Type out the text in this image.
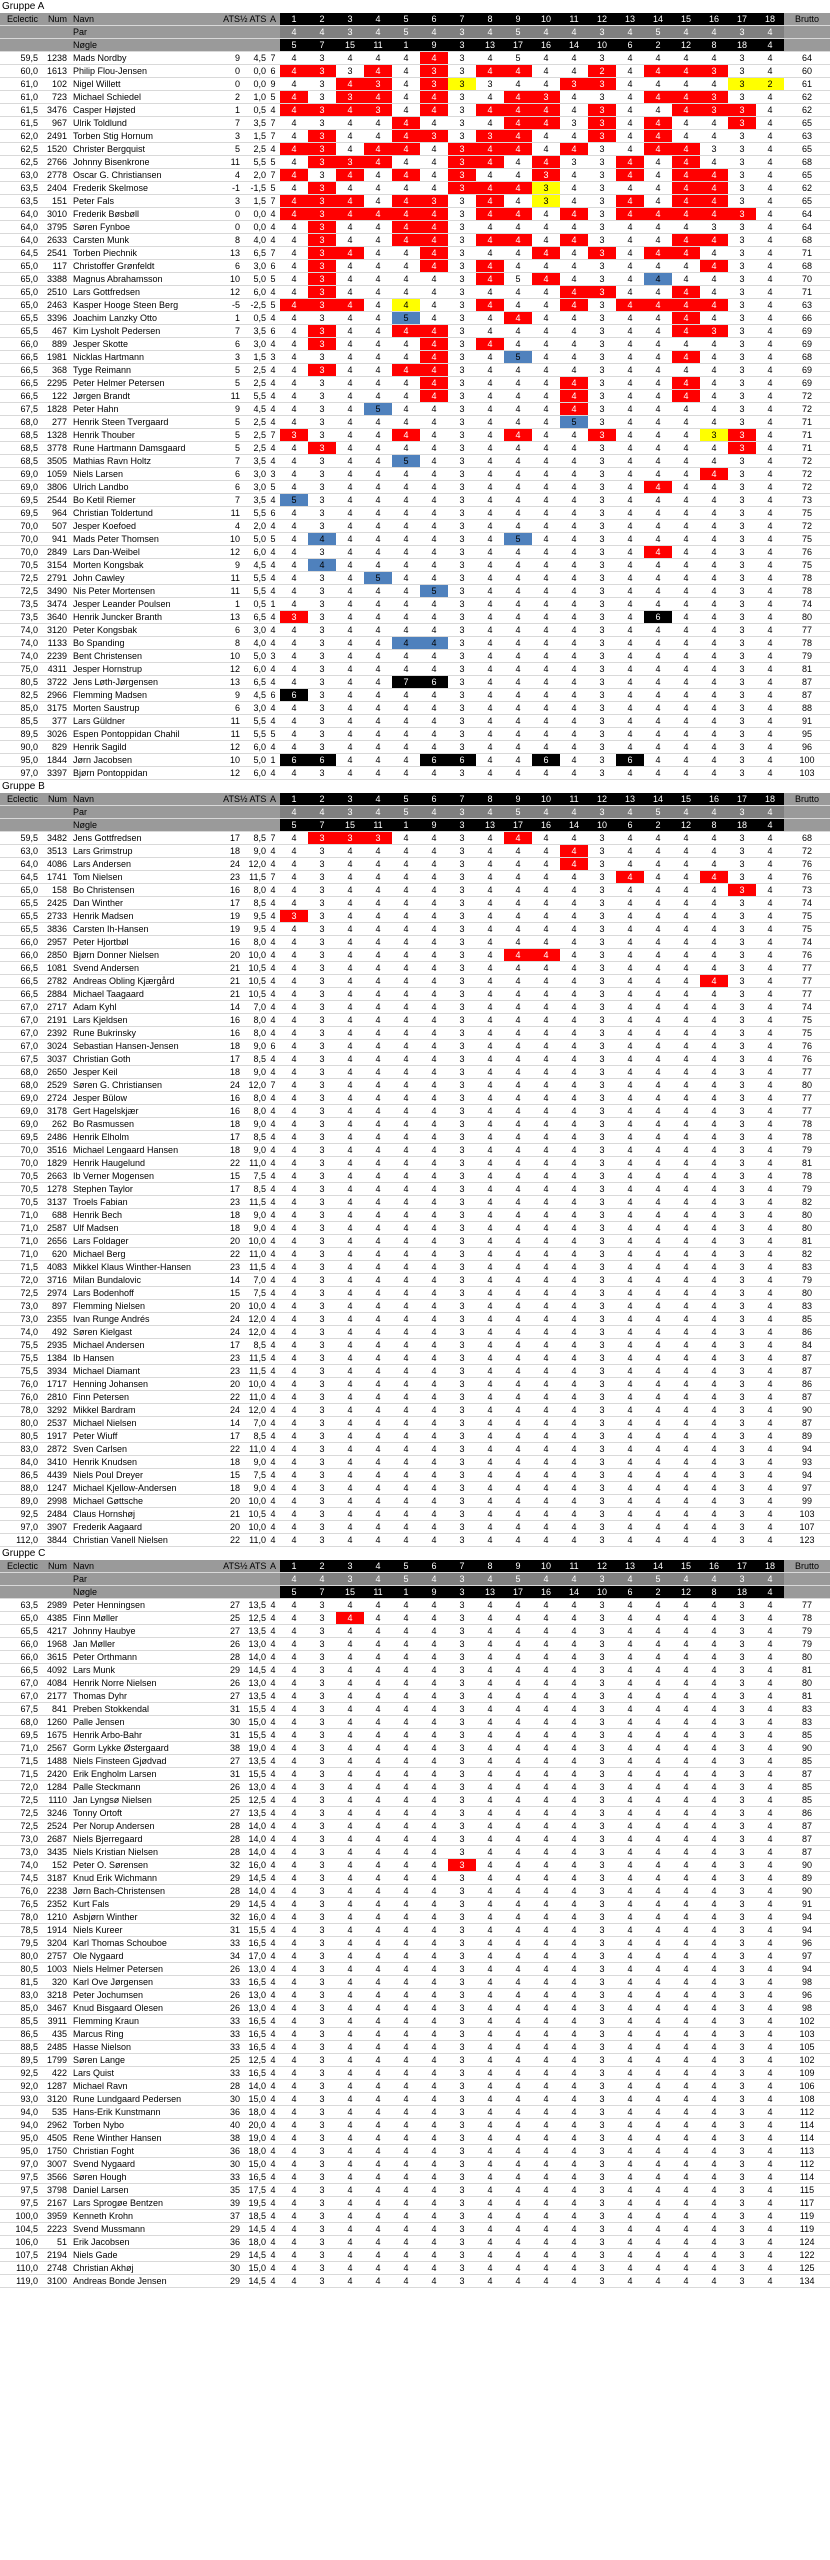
Gruppe A
Eclectic	Num	Navn	ATS	½ ATS	A	1	2	3	4	5	6	7	8	9	10	11	12	13	14	15	16	17	18	Brutto
		Par				4	4	3	4	5	4	3	4	5	4	4	3	4	5	4	4	3	4	
		Nøgle				5	7	15	11	1	9	3	13	17	16	14	10	6	2	12	8	18	4	
59,5	1238	Mads Nordby	9	4,5	7	4	3	4	4	4	4	3	4	5	4	4	3	4	4	4	4	3	4	64
60,0	1613	Philip Flou-Jensen	0	0,0	6	4	3	3	4	4	3	3	4	4	4	4	2	4	4	4	3	3	4	60
61,0	102	Nigel Willett	0	0,0	9	4	3	4	3	4	3	3	3	4	4	3	3	4	4	4	4	3	2	61
61,0	723	Michael Schiedel	2	1,0	5	4	3	3	4	4	4	3	4	4	3	4	3	4	4	4	3	3	4	62
61,5	3476	Casper Højsted	1	0,5	4	4	3	4	3	4	4	3	4	4	4	4	3	4	4	4	3	3	4	62
61,5	967	Ulrik Toldlund	7	3,5	7	4	3	4	4	4	4	3	4	4	4	3	3	4	4	4	4	3	4	65
62,0	2491	Torben Stig Hornum	3	1,5	7	4	3	4	4	4	3	3	3	4	4	4	3	4	4	4	4	3	4	63
62,5	1520	Christer Bergquist	5	2,5	4	4	3	4	4	4	4	3	4	4	4	4	3	4	4	4	3	3	4	65
62,5	2766	Johnny Bisenkrone	11	5,5	5	4	3	3	4	4	4	3	4	4	4	3	3	4	4	4	4	3	4	68
63,0	2778	Oscar G. Christiansen	4	2,0	7	4	3	4	4	4	4	3	4	4	3	4	3	4	4	4	4	3	4	65
63,5	2404	Frederik Skelmose	-1	-1,5	5	4	3	4	4	4	4	3	4	4	3	4	3	4	4	4	4	3	4	62
63,5	151	Peter Fals	3	1,5	7	4	3	4	4	4	3	3	4	4	3	4	3	4	4	4	4	3	4	65
64,0	3010	Frederik Bøsbøll	0	0,0	4	4	3	4	4	4	4	3	4	4	4	4	3	4	4	4	4	3	4	64
64,0	3795	Søren Fynboe	0	0,0	4	4	3	4	4	4	4	3	4	4	4	4	3	4	4	4	3	3	4	64
64,0	2633	Carsten Munk	8	4,0	4	4	3	4	4	4	4	3	4	4	4	4	3	4	4	4	4	3	4	68
64,5	2541	Torben Piechnik	13	6,5	7	4	3	4	4	4	4	3	4	4	4	4	3	4	4	4	4	3	4	71
65,0	117	Christoffer Grønfeldt	6	3,0	6	4	3	4	4	4	4	3	4	4	4	4	3	4	4	4	4	3	4	68
65,0	3388	Magnus Abrahamsson	10	5,0	5	4	3	4	4	4	4	3	4	5	4	4	3	4	4	4	4	3	4	70
65,0	2510	Lars Gottfredsen	12	6,0	4	4	3	4	4	4	4	3	4	4	4	4	3	4	4	4	4	3	4	71
65,0	2463	Kasper Hooge Steen Berg	-5	-2,5	5	4	3	4	4	4	4	3	4	4	4	4	3	4	4	4	4	3	4	63
65,5	3396	Joachim Lanzky Otto	1	0,5	4	4	3	4	4	5	4	3	4	4	4	4	3	4	4	4	4	3	4	66
65,5	467	Kim Lysholt Pedersen	7	3,5	6	4	3	4	4	4	4	3	4	4	4	4	3	4	4	4	3	3	4	69
66,0	889	Jesper Skotte	6	3,0	4	4	3	4	4	4	4	3	4	4	4	4	3	4	4	4	4	3	4	69
66,5	1981	Nicklas Hartmann	3	1,5	3	4	3	4	4	4	4	3	4	5	4	4	3	4	4	4	4	3	4	68
66,5	368	Tyge Reimann	5	2,5	4	4	3	4	4	4	4	3	4	4	4	4	3	4	4	4	4	3	4	69
66,5	2295	Peter Helmer Petersen	5	2,5	4	4	3	4	4	4	4	3	4	4	4	4	3	4	4	4	4	3	4	69
66,5	122	Jørgen Brandt	11	5,5	4	4	3	4	4	4	4	3	4	4	4	4	3	4	4	4	4	3	4	72
67,5	1828	Peter Hahn	9	4,5	4	4	3	4	5	4	4	3	4	4	4	4	3	4	4	4	4	3	4	72
68,0	277	Henrik Steen Tvergaard	5	2,5	4	4	3	4	4	4	4	3	4	4	4	5	3	4	4	4	4	3	4	71
68,5	1328	Henrik Thouber	5	2,5	7	3	3	4	4	4	4	3	4	4	4	4	3	4	4	4	3	3	4	71
68,5	3778	Rune Hartmann Damsgaard	5	2,5	4	4	3	4	4	4	4	3	4	4	4	4	3	4	4	4	4	3	4	71
68,5	3505	Mathias Ravn Holtz	7	3,5	4	4	3	4	4	5	4	3	4	4	4	4	3	4	4	4	4	3	4	72
69,0	1059	Niels Larsen	6	3,0	3	4	3	4	4	4	4	3	4	4	4	4	3	4	4	4	4	3	4	72
69,0	3806	Ulrich Landbo	6	3,0	5	4	3	4	4	4	4	3	4	4	4	4	3	4	4	4	4	3	4	72
69,5	2544	Bo Ketil Riemer	7	3,5	4	5	3	4	4	4	4	3	4	4	4	4	3	4	4	4	4	3	4	73
69,5	964	Christian Toldertund	11	5,5	6	4	3	4	4	4	4	3	4	4	4	4	3	4	4	4	4	3	4	75
70,0	507	Jesper Koefoed	4	2,0	4	4	3	4	4	4	4	3	4	4	4	4	3	4	4	4	4	3	4	72
70,0	941	Mads Peter Thomsen	10	5,0	5	4	4	4	4	4	4	3	4	5	4	4	3	4	4	4	4	3	4	75
70,0	2849	Lars Dan-Weibel	12	6,0	4	4	3	4	4	4	4	3	4	4	4	4	3	4	4	4	4	3	4	76
70,5	3154	Morten Kongsbak	9	4,5	4	4	4	4	4	4	4	3	4	4	4	4	3	4	4	4	4	3	4	75
72,5	2791	John Cawley	11	5,5	4	4	3	4	5	4	4	3	4	4	4	4	3	4	4	4	4	3	4	78
72,5	3490	Nis Peter Mortensen	11	5,5	4	4	3	4	4	4	5	3	4	4	4	4	3	4	4	4	4	3	4	78
73,5	3474	Jesper Leander Poulsen	1	0,5	1	4	3	4	4	4	4	3	4	4	4	4	3	4	4	4	4	3	4	74
73,5	3640	Henrik Juncker Branth	13	6,5	4	3	3	4	4	4	4	3	4	4	4	4	3	4	6	4	4	3	4	80
74,0	3120	Peter Kongsbak	6	3,0	4	4	3	4	4	4	4	3	4	4	4	4	3	4	4	4	4	3	4	77
74,0	1133	Bo Spanding	8	4,0	4	4	3	4	4	4	4	3	4	4	4	4	3	4	4	4	4	3	4	78
74,0	2239	Bent Christensen	10	5,0	3	4	3	4	4	4	4	3	4	4	4	4	3	4	4	4	4	3	4	79
75,0	4311	Jesper Hornstrup	12	6,0	4	4	3	4	4	4	4	3	4	4	4	4	3	4	4	4	4	3	4	81
80,5	3722	Jens Løth-Jørgensen	13	6,5	4	4	3	4	4	7	6	3	4	4	4	4	3	4	4	4	4	3	4	87
82,5	2966	Flemming Madsen	9	4,5	6	6	3	4	4	4	4	3	4	4	4	4	3	4	4	4	4	3	4	87
85,0	3175	Morten Saustrup	6	3,0	4	4	3	4	4	4	4	3	4	4	4	4	3	4	4	4	4	3	4	88
85,5	377	Lars Güldner	11	5,5	4	4	3	4	4	4	4	3	4	4	4	4	3	4	4	4	4	3	4	91
89,5	3026	Espen Pontoppidan Chahil	11	5,5	5	4	3	4	4	4	4	3	4	4	4	4	3	4	4	4	4	3	4	95
90,0	829	Henrik Sagild	12	6,0	4	4	3	4	4	4	4	3	4	4	4	4	3	4	4	4	4	3	4	96
95,0	1844	Jørn Jacobsen	10	5,0	1	6	6	4	4	4	6	6	4	4	6	4	3	6	4	4	4	3	4	100
97,0	3397	Bjørn Pontoppidan	12	6,0	4	4	3	4	4	4	4	3	4	4	4	4	3	4	4	4	4	3	4	103
Gruppe B
Eclectic	Num	Navn	ATS	½ ATS	A	1	2	3	4	5	6	7	8	9	10	11	12	13	14	15	16	17	18	Brutto
		Par				4	4	3	4	5	4	3	4	5	4	4	3	4	5	4	4	3	4	
		Nøgle				5	7	15	11	1	9	3	13	17	16	14	10	6	2	12	8	18	4	
59,5	3482	Jens Gottfredsen	17	8,5	7	4	3	3	3	4	4	3	4	4	4	4	3	4	4	4	4	3	4	68
63,0	3513	Lars Grimstrup	18	9,0	4	4	3	4	4	4	4	3	4	4	4	4	3	4	4	4	4	3	4	72
64,0	4086	Lars Andersen	24	12,0	4	4	3	4	4	4	4	3	4	4	4	4	3	4	4	4	4	3	4	76
64,5	1741	Tom Nielsen	23	11,5	7	4	3	4	4	4	4	3	4	4	4	4	3	4	4	4	4	3	4	76
65,0	158	Bo Christensen	16	8,0	4	4	3	4	4	4	4	3	4	4	4	4	3	4	4	4	4	3	4	73
65,5	2425	Dan Winther	17	8,5	4	4	3	4	4	4	4	3	4	4	4	4	3	4	4	4	4	3	4	74
65,5	2733	Henrik Madsen	19	9,5	4	3	3	4	4	4	4	3	4	4	4	4	3	4	4	4	4	3	4	75
65,5	3836	Carsten Ih-Hansen	19	9,5	4	4	3	4	4	4	4	3	4	4	4	4	3	4	4	4	4	3	4	75
66,0	2957	Peter Hjortbøl	16	8,0	4	4	3	4	4	4	4	3	4	4	4	4	3	4	4	4	4	3	4	74
66,0	2850	Bjørn Donner Nielsen	20	10,0	4	4	3	4	4	4	4	3	4	4	4	4	3	4	4	4	4	3	4	76
66,5	1081	Svend Andersen	21	10,5	4	4	3	4	4	4	4	3	4	4	4	4	3	4	4	4	4	3	4	77
66,5	2782	Andreas Obling Kjærgård	21	10,5	4	4	3	4	4	4	4	3	4	4	4	4	3	4	4	4	4	3	4	77
66,5	2884	Michael Taagaard	21	10,5	4	4	3	4	4	4	4	3	4	4	4	4	3	4	4	4	4	3	4	77
67,0	2717	Adam Kyhl	14	7,0	4	4	3	4	4	4	4	3	4	4	4	4	3	4	4	4	4	3	4	74
67,0	2191	Lars Kjeldsen	16	8,0	4	4	3	4	4	4	4	3	4	4	4	4	3	4	4	4	4	3	4	75
67,0	2392	Rune Bukrinsky	16	8,0	4	4	3	4	4	4	4	3	4	4	4	4	3	4	4	4	4	3	4	75
67,0	3024	Sebastian Hansen-Jensen	18	9,0	6	4	3	4	4	4	4	3	4	4	4	4	3	4	4	4	4	3	4	76
67,5	3037	Christian Goth	17	8,5	4	4	3	4	4	4	4	3	4	4	4	4	3	4	4	4	4	3	4	76
68,0	2650	Jesper Keil	18	9,0	4	4	3	4	4	4	4	3	4	4	4	4	3	4	4	4	4	3	4	77
68,0	2529	Søren G. Christiansen	24	12,0	7	4	3	4	4	4	4	3	4	4	4	4	3	4	4	4	4	3	4	80
69,0	2724	Jesper Bülow	16	8,0	4	4	3	4	4	4	4	3	4	4	4	4	3	4	4	4	4	3	4	77
69,0	3178	Gert Hagelskjær	16	8,0	4	4	3	4	4	4	4	3	4	4	4	4	3	4	4	4	4	3	4	77
69,0	262	Bo Rasmussen	18	9,0	4	4	3	4	4	4	4	3	4	4	4	4	3	4	4	4	4	3	4	78
69,5	2486	Henrik Elholm	17	8,5	4	4	3	4	4	4	4	3	4	4	4	4	3	4	4	4	4	3	4	78
70,0	3516	Michael Lengaard Hansen	18	9,0	4	4	3	4	4	4	4	3	4	4	4	4	3	4	4	4	4	3	4	79
70,0	1829	Henrik Haugelund	22	11,0	4	4	3	4	4	4	4	3	4	4	4	4	3	4	4	4	4	3	4	81
70,5	2663	Ib Verner Mogensen	15	7,5	4	4	3	4	4	4	4	3	4	4	4	4	3	4	4	4	4	3	4	78
70,5	1278	Stephen Taylor	17	8,5	4	4	3	4	4	4	4	3	4	4	4	4	3	4	4	4	4	3	4	79
70,5	3137	Troels Fabian	23	11,5	4	4	3	4	4	4	4	3	4	4	4	4	3	4	4	4	4	3	4	82
71,0	688	Henrik Bech	18	9,0	4	4	3	4	4	4	4	3	4	4	4	4	3	4	4	4	4	3	4	80
71,0	2587	Ulf Madsen	18	9,0	4	4	3	4	4	4	4	3	4	4	4	4	3	4	4	4	4	3	4	80
71,0	2656	Lars Foldager	20	10,0	4	4	3	4	4	4	4	3	4	4	4	4	3	4	4	4	4	3	4	81
71,0	620	Michael Berg	22	11,0	4	4	3	4	4	4	4	3	4	4	4	4	3	4	4	4	4	3	4	82
71,5	4083	Mikkel Klaus Winther-Hansen	23	11,5	4	4	3	4	4	4	4	3	4	4	4	4	3	4	4	4	4	3	4	83
72,0	3716	Milan Bundalovic	14	7,0	4	4	3	4	4	4	4	3	4	4	4	4	3	4	4	4	4	3	4	79
72,5	2974	Lars Bodenhoff	15	7,5	4	4	3	4	4	4	4	3	4	4	4	4	3	4	4	4	4	3	4	80
73,0	897	Flemming Nielsen	20	10,0	4	4	3	4	4	4	4	3	4	4	4	4	3	4	4	4	4	3	4	83
73,0	2355	Ivan Runge Andrés	24	12,0	4	4	3	4	4	4	4	3	4	4	4	4	3	4	4	4	4	3	4	85
74,0	492	Søren Kielgast	24	12,0	4	4	3	4	4	4	4	3	4	4	4	4	3	4	4	4	4	3	4	86
75,5	2935	Michael Andersen	17	8,5	4	4	3	4	4	4	4	3	4	4	4	4	3	4	4	4	4	3	4	84
75,5	1384	Ib Hansen	23	11,5	4	4	3	4	4	4	4	3	4	4	4	4	3	4	4	4	4	3	4	87
75,5	3934	Michael Diamant	23	11,5	4	4	3	4	4	4	4	3	4	4	4	4	3	4	4	4	4	3	4	87
76,0	1717	Henning Johansen	20	10,0	4	4	3	4	4	4	4	3	4	4	4	4	3	4	4	4	4	3	4	86
76,0	2810	Finn Petersen	22	11,0	4	4	3	4	4	4	4	3	4	4	4	4	3	4	4	4	4	3	4	87
78,0	3292	Mikkel Bardram	24	12,0	4	4	3	4	4	4	4	3	4	4	4	4	3	4	4	4	4	3	4	90
80,0	2537	Michael Nielsen	14	7,0	4	4	3	4	4	4	4	3	4	4	4	4	3	4	4	4	4	3	4	87
80,5	1917	Peter Wiuff	17	8,5	4	4	3	4	4	4	4	3	4	4	4	4	3	4	4	4	4	3	4	89
83,0	2872	Sven Carlsen	22	11,0	4	4	3	4	4	4	4	3	4	4	4	4	3	4	4	4	4	3	4	94
84,0	3410	Henrik Knudsen	18	9,0	4	4	3	4	4	4	4	3	4	4	4	4	3	4	4	4	4	3	4	93
86,5	4439	Niels Poul Dreyer	15	7,5	4	4	3	4	4	4	4	3	4	4	4	4	3	4	4	4	4	3	4	94
88,0	1247	Michael Kjellow-Andersen	18	9,0	4	4	3	4	4	4	4	3	4	4	4	4	3	4	4	4	4	3	4	97
89,0	2998	Michael Gøttsche	20	10,0	4	4	3	4	4	4	4	3	4	4	4	4	3	4	4	4	4	3	4	99
92,5	2484	Claus Hornshøj	21	10,5	4	4	3	4	4	4	4	3	4	4	4	4	3	4	4	4	4	3	4	103
97,0	3907	Frederik Aagaard	20	10,0	4	4	3	4	4	4	4	3	4	4	4	4	3	4	4	4	4	3	4	107
112,0	3844	Christian Vanell Nielsen	22	11,0	4	4	3	4	4	4	4	3	4	4	4	4	3	4	4	4	4	3	4	123
Gruppe C
Eclectic	Num	Navn	ATS	½ ATS	A	1	2	3	4	5	6	7	8	9	10	11	12	13	14	15	16	17	18	Brutto
		Par				4	4	3	4	5	4	3	4	5	4	4	3	4	5	4	4	3	4	
		Nøgle				5	7	15	11	1	9	3	13	17	16	14	10	6	2	12	8	18	4	
63,5	2989	Peter Henningsen	27	13,5	4	4	3	4	4	4	4	3	4	4	4	4	3	4	4	4	4	3	4	77
65,0	4385	Finn Møller	25	12,5	4	4	3	4	4	4	4	3	4	4	4	4	3	4	4	4	4	3	4	78
65,5	4217	Johnny Haubye	27	13,5	4	4	3	4	4	4	4	3	4	4	4	4	3	4	4	4	4	3	4	79
66,0	1968	Jan Møller	26	13,0	4	4	3	4	4	4	4	3	4	4	4	4	3	4	4	4	4	3	4	79
66,0	3615	Peter Orthmann	28	14,0	4	4	3	4	4	4	4	3	4	4	4	4	3	4	4	4	4	3	4	80
66,5	4092	Lars Munk	29	14,5	4	4	3	4	4	4	4	3	4	4	4	4	3	4	4	4	4	3	4	81
67,0	4084	Henrik Norre Nielsen	26	13,0	4	4	3	4	4	4	4	3	4	4	4	4	3	4	4	4	4	3	4	80
67,0	2177	Thomas Dyhr	27	13,5	4	4	3	4	4	4	4	3	4	4	4	4	3	4	4	4	4	3	4	81
67,5	841	Preben Stokkendal	31	15,5	4	4	3	4	4	4	4	3	4	4	4	4	3	4	4	4	4	3	4	83
68,0	1260	Palle Jensen	30	15,0	4	4	3	4	4	4	4	3	4	4	4	4	3	4	4	4	4	3	4	83
69,5	1675	Henrik Arbo-Bahr	31	15,5	4	4	3	4	4	4	4	3	4	4	4	4	3	4	4	4	4	3	4	85
71,0	2567	Gorm Lykke Østergaard	38	19,0	4	4	3	4	4	4	4	3	4	4	4	4	3	4	4	4	4	3	4	90
71,5	1488	Niels Finsteen Gjødvad	27	13,5	4	4	3	4	4	4	4	3	4	4	4	4	3	4	4	4	4	3	4	85
71,5	2420	Erik Engholm Larsen	31	15,5	4	4	3	4	4	4	4	3	4	4	4	4	3	4	4	4	4	3	4	87
72,0	1284	Palle Steckmann	26	13,0	4	4	3	4	4	4	4	3	4	4	4	4	3	4	4	4	4	3	4	85
72,5	1110	Jan Lyngsø Nielsen	25	12,5	4	4	3	4	4	4	4	3	4	4	4	4	3	4	4	4	4	3	4	85
72,5	3246	Tonny Ortoft	27	13,5	4	4	3	4	4	4	4	3	4	4	4	4	3	4	4	4	4	3	4	86
72,5	2524	Per Norup Andersen	28	14,0	4	4	3	4	4	4	4	3	4	4	4	4	3	4	4	4	4	3	4	87
73,0	2687	Niels Bjerregaard	28	14,0	4	4	3	4	4	4	4	3	4	4	4	4	3	4	4	4	4	3	4	87
73,0	3435	Niels Kristian Nielsen	28	14,0	4	4	3	4	4	4	4	3	4	4	4	4	3	4	4	4	4	3	4	87
74,0	152	Peter O. Sørensen	32	16,0	4	4	3	4	4	4	4	3	4	4	4	4	3	4	4	4	4	3	4	90
74,5	3187	Knud Erik Wichmann	29	14,5	4	4	3	4	4	4	4	3	4	4	4	4	3	4	4	4	4	3	4	89
76,0	2238	Jørn Bach-Christensen	28	14,0	4	4	3	4	4	4	4	3	4	4	4	4	3	4	4	4	4	3	4	90
76,5	2352	Kurt Fals	29	14,5	4	4	3	4	4	4	4	3	4	4	4	4	3	4	4	4	4	3	4	91
78,0	1210	Asbjørn Winther	32	16,0	4	4	3	4	4	4	4	3	4	4	4	4	3	4	4	4	4	3	4	94
78,5	1914	Niels Kureer	31	15,5	4	4	3	4	4	4	4	3	4	4	4	4	3	4	4	4	4	3	4	94
79,5	3204	Karl Thomas Schouboe	33	16,5	4	4	3	4	4	4	4	3	4	4	4	4	3	4	4	4	4	3	4	96
80,0	2757	Ole Nygaard	34	17,0	4	4	3	4	4	4	4	3	4	4	4	4	3	4	4	4	4	3	4	97
80,5	1003	Niels Helmer Petersen	26	13,0	4	4	3	4	4	4	4	3	4	4	4	4	3	4	4	4	4	3	4	94
81,5	320	Karl Ove Jørgensen	33	16,5	4	4	3	4	4	4	4	3	4	4	4	4	3	4	4	4	4	3	4	98
83,0	3218	Peter Jochumsen	26	13,0	4	4	3	4	4	4	4	3	4	4	4	4	3	4	4	4	4	3	4	96
85,0	3467	Knud Bisgaard Olesen	26	13,0	4	4	3	4	4	4	4	3	4	4	4	4	3	4	4	4	4	3	4	98
85,5	3911	Flemming Kraun	33	16,5	4	4	3	4	4	4	4	3	4	4	4	4	3	4	4	4	4	3	4	102
86,5	435	Marcus Ring	33	16,5	4	4	3	4	4	4	4	3	4	4	4	4	3	4	4	4	4	3	4	103
88,5	2485	Hasse Nielson	33	16,5	4	4	3	4	4	4	4	3	4	4	4	4	3	4	4	4	4	3	4	105
89,5	1799	Søren Lange	25	12,5	4	4	3	4	4	4	4	3	4	4	4	4	3	4	4	4	4	3	4	102
92,5	422	Lars Quist	33	16,5	4	4	3	4	4	4	4	3	4	4	4	4	3	4	4	4	4	3	4	109
92,0	1287	Michael Ravn	28	14,0	4	4	3	4	4	4	4	3	4	4	4	4	3	4	4	4	4	3	4	106
93,0	3120	Rune Lundgaard Pedersen	30	15,0	4	4	3	4	4	4	4	3	4	4	4	4	3	4	4	4	4	3	4	108
94,0	535	Hans-Erik Kunstmann	36	18,0	4	4	3	4	4	4	4	3	4	4	4	4	3	4	4	4	4	3	4	112
94,0	2962	Torben Nybo	40	20,0	4	4	3	4	4	4	4	3	4	4	4	4	3	4	4	4	4	3	4	114
95,0	4505	Rene Winther Hansen	38	19,0	4	4	3	4	4	4	4	3	4	4	4	4	3	4	4	4	4	3	4	114
95,0	1750	Christian Foght	36	18,0	4	4	3	4	4	4	4	3	4	4	4	4	3	4	4	4	4	3	4	113
97,0	3007	Svend Nygaard	30	15,0	4	4	3	4	4	4	4	3	4	4	4	4	3	4	4	4	4	3	4	112
97,5	3566	Søren Hough	33	16,5	4	4	3	4	4	4	4	3	4	4	4	4	3	4	4	4	4	3	4	114
97,5	3798	Daniel Larsen	35	17,5	4	4	3	4	4	4	4	3	4	4	4	4	3	4	4	4	4	3	4	115
97,5	2167	Lars Sprogøe Bentzen	39	19,5	4	4	3	4	4	4	4	3	4	4	4	4	3	4	4	4	4	3	4	117
100,0	3959	Kenneth Krohn	37	18,5	4	4	3	4	4	4	4	3	4	4	4	4	3	4	4	4	4	3	4	119
104,5	2223	Svend Mussmann	29	14,5	4	4	3	4	4	4	4	3	4	4	4	4	3	4	4	4	4	3	4	119
106,0	51	Erik Jacobsen	36	18,0	4	4	3	4	4	4	4	3	4	4	4	4	3	4	4	4	4	3	4	124
107,5	2194	Niels Gade	29	14,5	4	4	3	4	4	4	4	3	4	4	4	4	3	4	4	4	4	3	4	122
110,0	2748	Christian Akhøj	30	15,0	4	4	3	4	4	4	4	3	4	4	4	4	3	4	4	4	4	3	4	125
119,0	3100	Andreas Bonde Jensen	29	14,5	4	4	3	4	4	4	4	3	4	4	4	4	3	4	4	4	4	3	4	134
